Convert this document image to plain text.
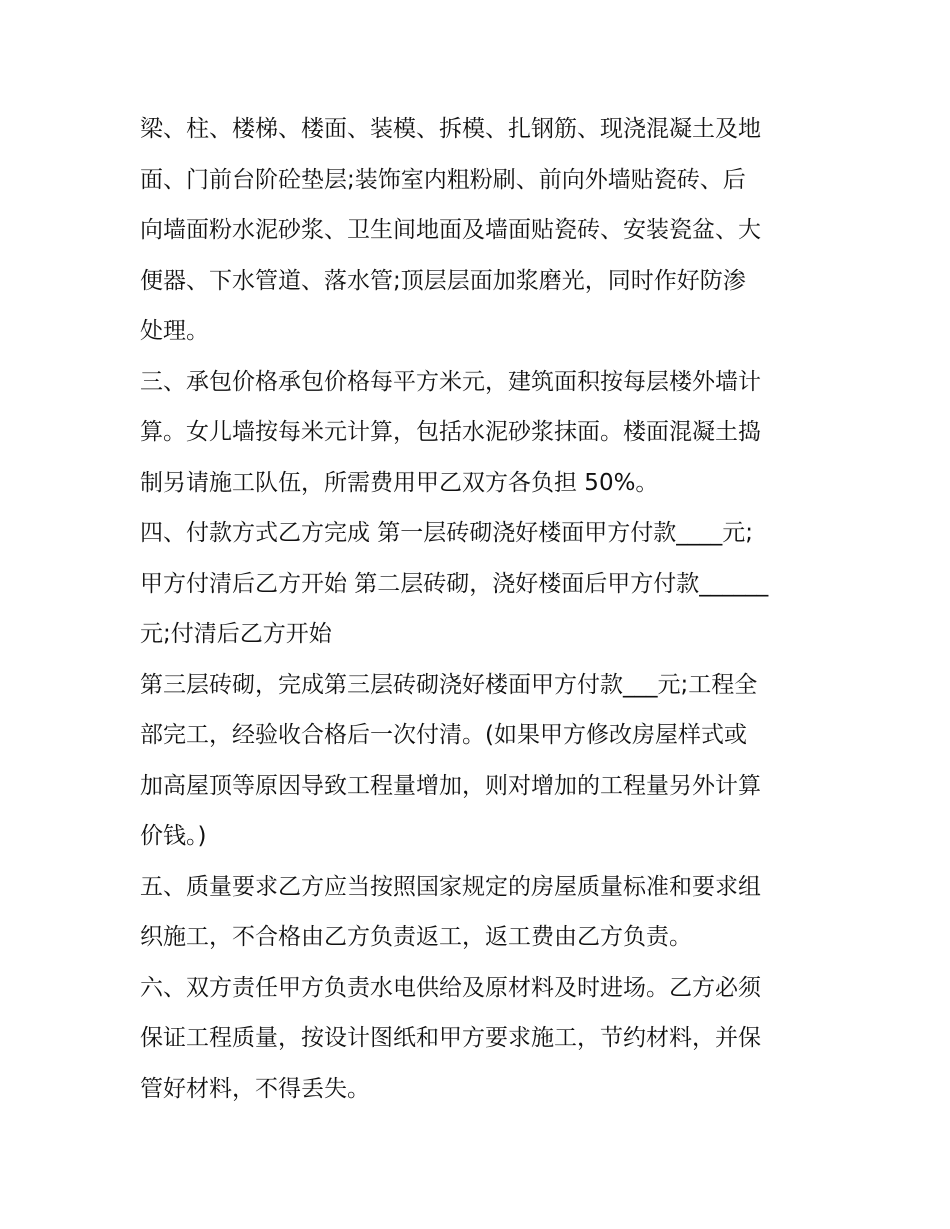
梁、柱、楼梯、楼面、装模、拆模、扎钢筋、现浇混凝土及地
面、门前台阶砼垫层;装饰室内粗粉刷、前向外墙贴瓷砖、后
向墙面粉水泥砂浆、卫生间地面及墙面贴瓷砖、安装瓷盆、大
便器、下水管道、落水管;顶层层面加浆磨光，同时作好防渗
处理。
三、承包价格承包价格每平方米元，建筑面积按每层楼外墙计
算。女儿墙按每米元计算，包括水泥砂浆抹面。楼面混凝土捣
制另请施工队伍，所需费用甲乙双方各负担 50%。
四、付款方式乙方完成 第一层砖砌浇好楼面甲方付款____元;
甲方付清后乙方开始 第二层砖砌，浇好楼面后甲方付款______
元;付清后乙方开始
第三层砖砌，完成第三层砖砌浇好楼面甲方付款___元;工程全
部完工，经验收合格后一次付清。(如果甲方修改房屋样式或
加高屋顶等原因导致工程量增加，则对增加的工程量另外计算
价钱。)
五、质量要求乙方应当按照国家规定的房屋质量标准和要求组
织施工，不合格由乙方负责返工，返工费由乙方负责。
六、双方责任甲方负责水电供给及原材料及时进场。乙方必须
保证工程质量，按设计图纸和甲方要求施工，节约材料，并保
管好材料，不得丢失。
